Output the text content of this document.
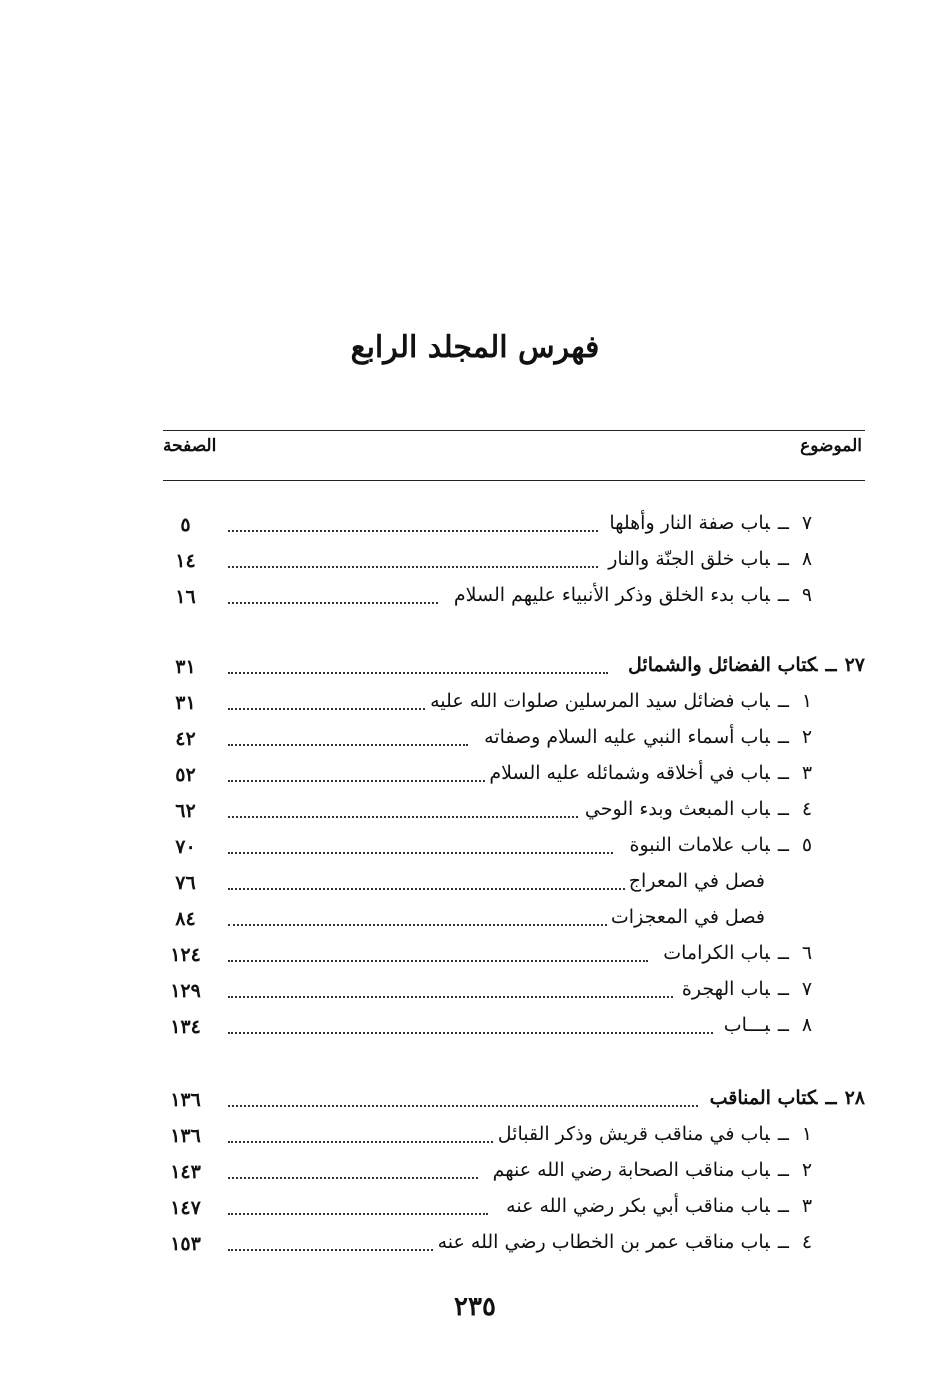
فهرس المجلد الرابع
الموضوع
الصفحة
٥	٧ــباب صفة النار وأهلها
١٤	٨ــباب خلق الجنّة والنار
١٦	٩ــباب بدء الخلق وذكر الأنبياء عليهم السلام
٣١	٢٧ــكتاب الفضائل والشمائل
٣١	١ــباب فضائل سيد المرسلين صلوات الله عليه
٤٢	٢ــباب أسماء النبي عليه السلام وصفاته
٥٢	٣ــباب في أخلاقه وشمائله عليه السلام
٦٢	٤ــباب المبعث وبدء الوحي
٧٠	٥ــباب علامات النبوة
٧٦	فصل في المعراج
٨٤	فصل في المعجزات
١٢٤	٦ــباب الكرامات
١٢٩	٧ــباب الهجرة
١٣٤	٨ــبـــاب
١٣٦	٢٨ــكتاب المناقب
١٣٦	١ــباب في مناقب قريش وذكر القبائل
١٤٣	٢ــباب مناقب الصحابة رضي الله عنهم
١٤٧	٣ــباب مناقب أبي بكر رضي الله عنه
١٥٣	٤ــباب مناقب عمر بن الخطاب رضي الله عنه
٢٣٥
